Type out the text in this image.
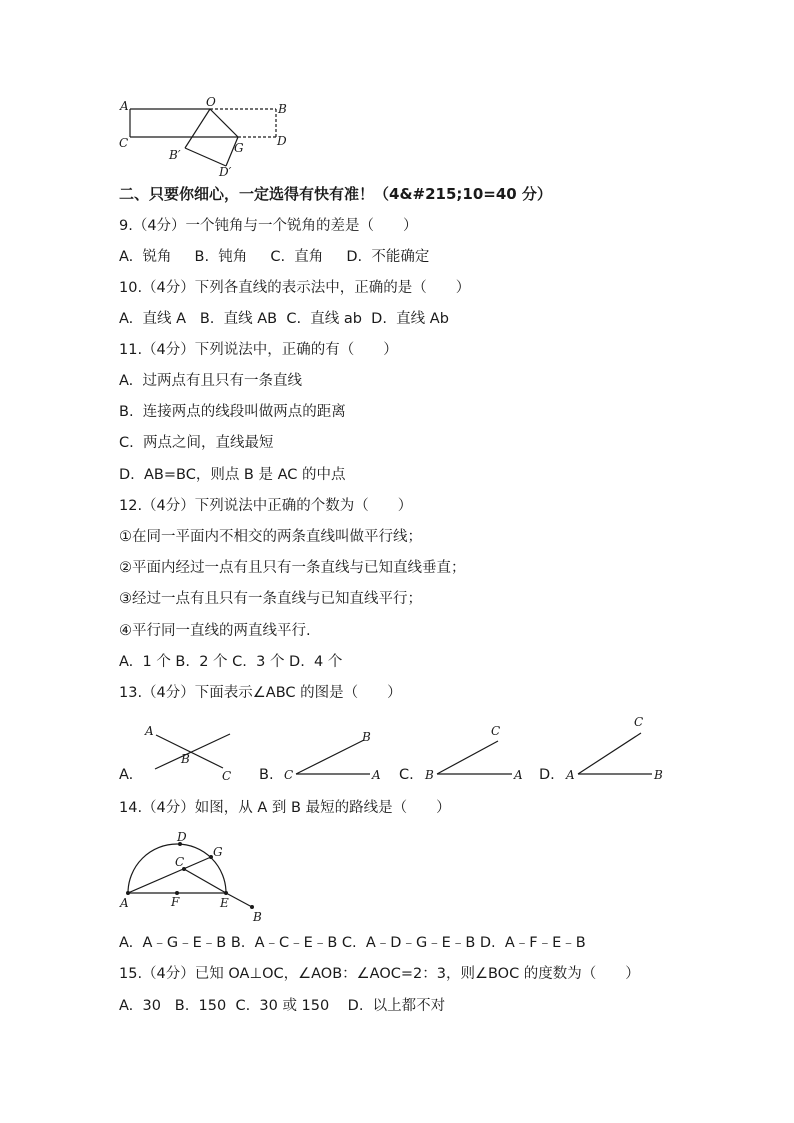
A	O	B
C	D
B′	G
D′
二、只要你细心，一定选得有快有准！（4&#215;10=40 分）
9.（4分）一个钝角与一个锐角的差是（　　）
A.  锐角     B.  钝角     C.  直角     D.  不能确定
10.（4分）下列各直线的表示法中，正确的是（　　）
A.  直线 A   B.  直线 AB  C.  直线 ab  D.  直线 Ab
11.（4分）下列说法中，正确的有（　　）
A.  过两点有且只有一条直线
B.  连接两点的线段叫做两点的距离
C.  两点之间，直线最短
D.  AB=BC，则点 B 是 AC 的中点
12.（4分）下列说法中正确的个数为（　　）
①在同一平面内不相交的两条直线叫做平行线；
②平面内经过一点有且只有一条直线与已知直线垂直；
③经过一点有且只有一条直线与已知直线平行；
④平行同一直线的两直线平行.
A.  1 个 B.  2 个 C.  3 个 D.  4 个
13.（4分）下面表示∠ABC 的图是（　　）
A.	B.	C.	D.
A
B
C
B
C	A
C
B	A
C
A	B
14.（4分）如图，从 A 到 B 最短的路线是（　　）
D
G
C
A	F	E
B
A.  A﹣G﹣E﹣B B.  A﹣C﹣E﹣B C.  A﹣D﹣G﹣E﹣B D.  A﹣F﹣E﹣B
15.（4分）已知 OA⊥OC，∠AOB：∠AOC=2：3，则∠BOC 的度数为（　　）
A.  30   B.  150  C.  30 或 150    D.  以上都不对
